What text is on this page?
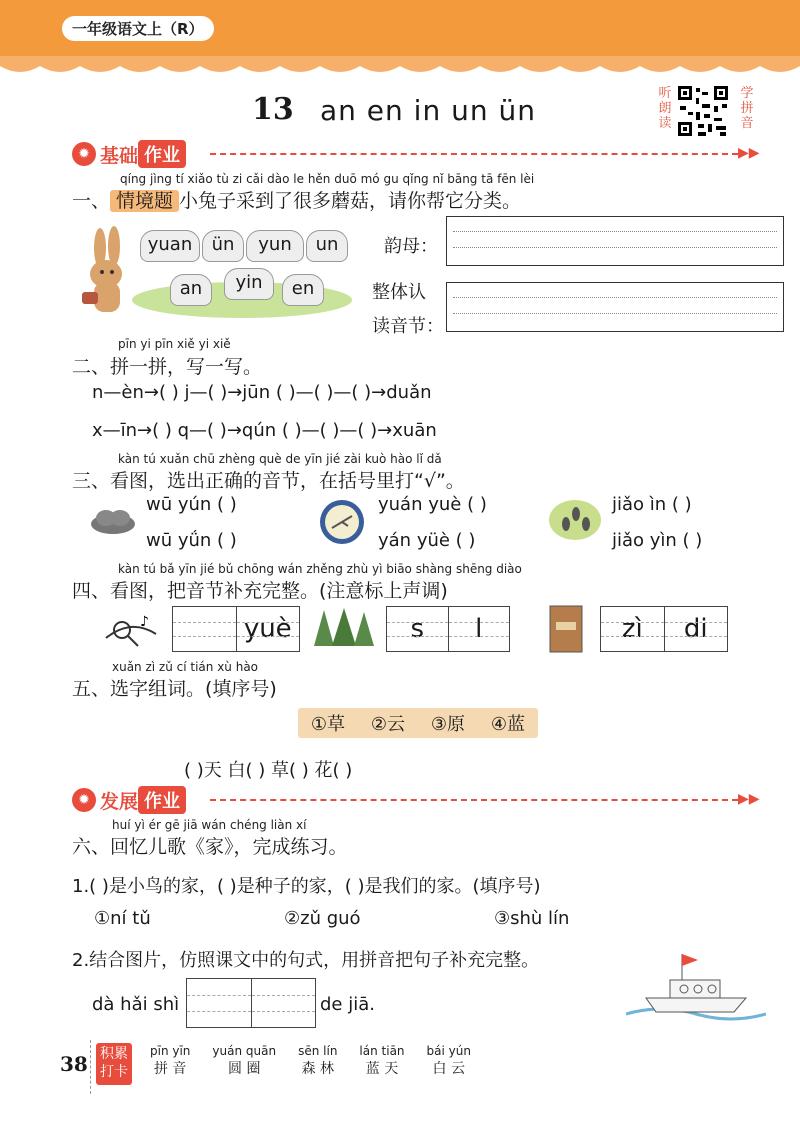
一年级语文上（R）
13 an en in un ün
听朗读
学拼音
✹ 基础 作业	▶▶
qíng jìng tí xiǎo tù zi cǎi dào le hěn duō mó gu qǐng nǐ bāng tā fēn lèi
一、 情境题 小兔子采到了很多蘑菇，请你帮它分类。
yuan	ün	yun	un
an	yin	en
韵母：
整体认
读音节：
pīn yi pīn xiě yi xiě
二、拼一拼，写一写。
n—èn→( ) j—( )→jūn ( )—( )—( )→duǎn
x—īn→( ) q—( )→qún ( )—( )—( )→xuān
kàn tú xuǎn chū zhèng què de yīn jié zài kuò hào lǐ dǎ
三、看图，选出正确的音节，在括号里打“√”。
wū yún ( )
wū yǘn ( )
yuán yuè ( )
yán yüè ( )
jiǎo ìn ( )
jiǎo yìn ( )
kàn tú bǎ yīn jié bǔ chōng wán zhěng zhù yì biāo shàng shēng diào
四、看图，把音节补充完整。(注意标上声调)
♪	yuè	s	l	zì	di
xuǎn zì zǔ cí tián xù hào
五、选字组词。(填序号)
①草 ②云 ③原 ④蓝
( )天 白( ) 草( ) 花( )
✹ 发展 作业	▶▶
huí yì ér gē jiā wán chéng liàn xí
六、回忆儿歌《家》，完成练习。
1.( )是小鸟的家，( )是种子的家，( )是我们的家。(填序号)
①ní tǔ	②zǔ guó	③shù lín
2.结合图片，仿照课文中的句式，用拼音把句子补充完整。
dà hǎi shì	de jiā.
38 积累
打卡
pīn yīn
拼 音
yuán quān
圆 圈
sēn lín
森 林
lán tiān
蓝 天
bái yún
白 云
